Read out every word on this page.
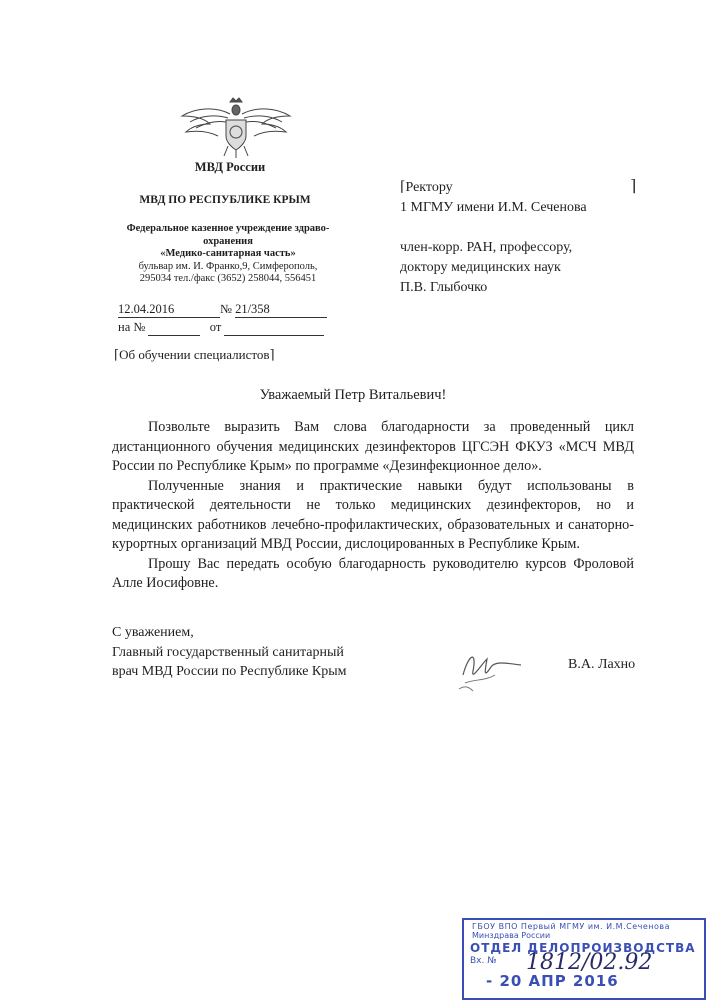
МВД России
МВД ПО РЕСПУБЛИКЕ КРЫМ
Федеральное казенное учреждение здраво-
охранения
«Медико-санитарная часть»
бульвар им. И. Франко,9, Симферополь,
295034 тел./факс (3652) 258044, 556451
12.04.2016	№ 21/358
на №	от
⌈Об обучении специалистов⌉
⌈Ректору
1 МГМУ имени И.М. Сеченова

член-корр. РАН, профессору,
доктору медицинских наук
П.В. Глыбочко
⌉
Уважаемый Петр Витальевич!

Позвольте выразить Вам слова благодарности за проведенный цикл дистанционного обучения медицинских дезинфекторов ЦГСЭН ФКУЗ «МСЧ МВД России по Республике Крым» по программе «Дезинфекционное дело».

Полученные знания и практические навыки будут использованы в практической деятельности не только медицинских дезинфекторов, но и медицинских работников лечебно-профилактических, образовательных и санаторно-курортных организаций МВД России, дислоцированных в Республике Крым.

Прошу Вас передать особую благодарность руководителю курсов Фроловой Алле Иосифовне.

С уважением,
Главный государственный санитарный
врач МВД России по Республике Крым	В.А. Лахно
ГБОУ ВПО Первый МГМУ им. И.М.Сеченова
Минздрава России
ОТДЕЛ ДЕЛОПРОИЗВОДСТВА
Вх. № 1812/02.92
- 20 АПР 2016
